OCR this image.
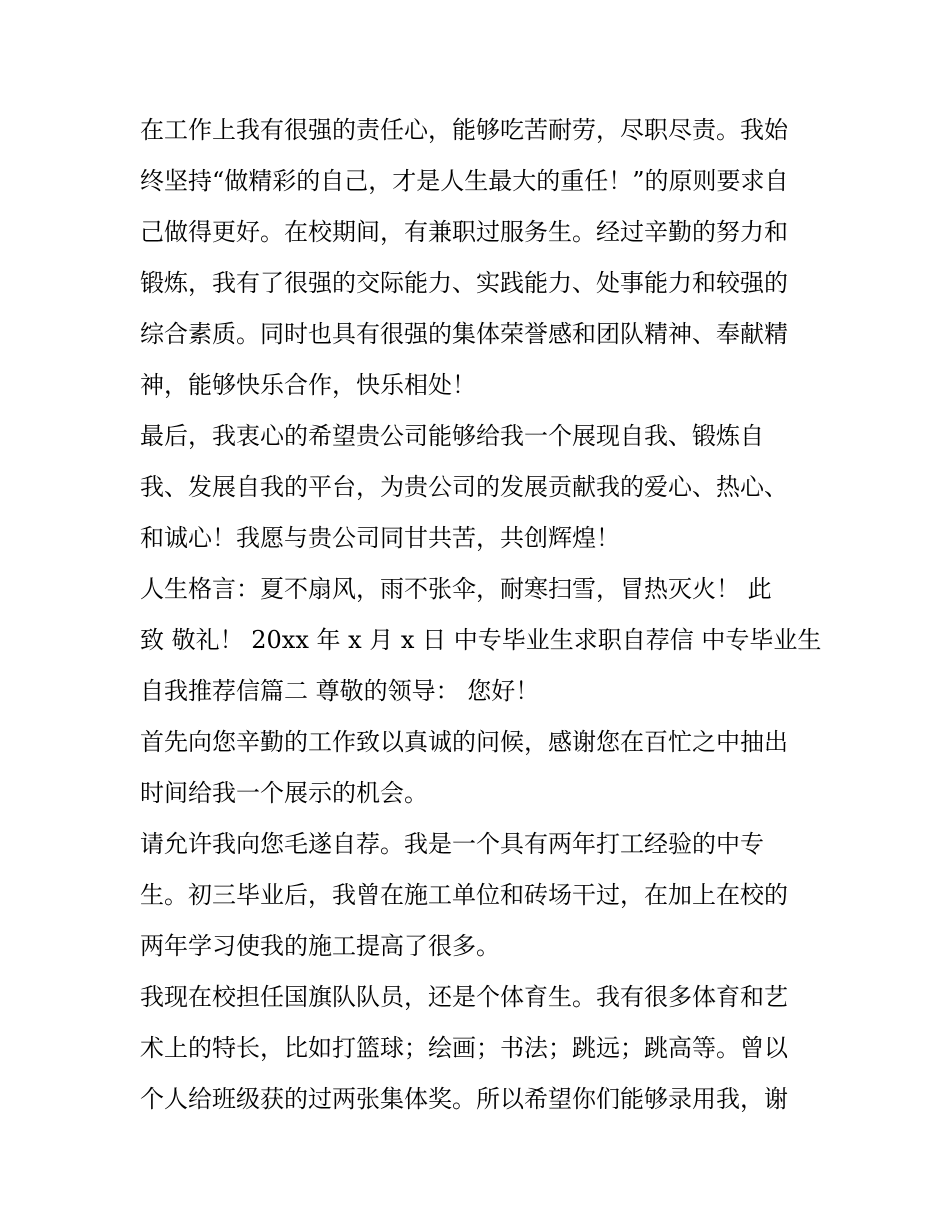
在工作上我有很强的责任心，能够吃苦耐劳，尽职尽责。我始
终坚持“做精彩的自己，才是人生最大的重任！”的原则要求自
己做得更好。在校期间，有兼职过服务生。经过辛勤的努力和
锻炼，我有了很强的交际能力、实践能力、处事能力和较强的
综合素质。同时也具有很强的集体荣誉感和团队精神、奉献精
神，能够快乐合作，快乐相处！
最后，我衷心的希望贵公司能够给我一个展现自我、锻炼自
我、发展自我的平台，为贵公司的发展贡献我的爱心、热心、
和诚心！我愿与贵公司同甘共苦，共创辉煌！
人生格言：夏不扇风，雨不张伞，耐寒扫雪，冒热灭火！ 此
致 敬礼！ 20xx 年 x 月 x 日 中专毕业生求职自荐信 中专毕业生
自我推荐信篇二 尊敬的领导： 您好！
首先向您辛勤的工作致以真诚的问候，感谢您在百忙之中抽出
时间给我一个展示的机会。
请允许我向您毛遂自荐。我是一个具有两年打工经验的中专
生。初三毕业后，我曾在施工单位和砖场干过，在加上在校的
两年学习使我的施工提高了很多。
我现在校担任国旗队队员，还是个体育生。我有很多体育和艺
术上的特长，比如打篮球；绘画；书法；跳远；跳高等。曾以
个人给班级获的过两张集体奖。所以希望你们能够录用我，谢
